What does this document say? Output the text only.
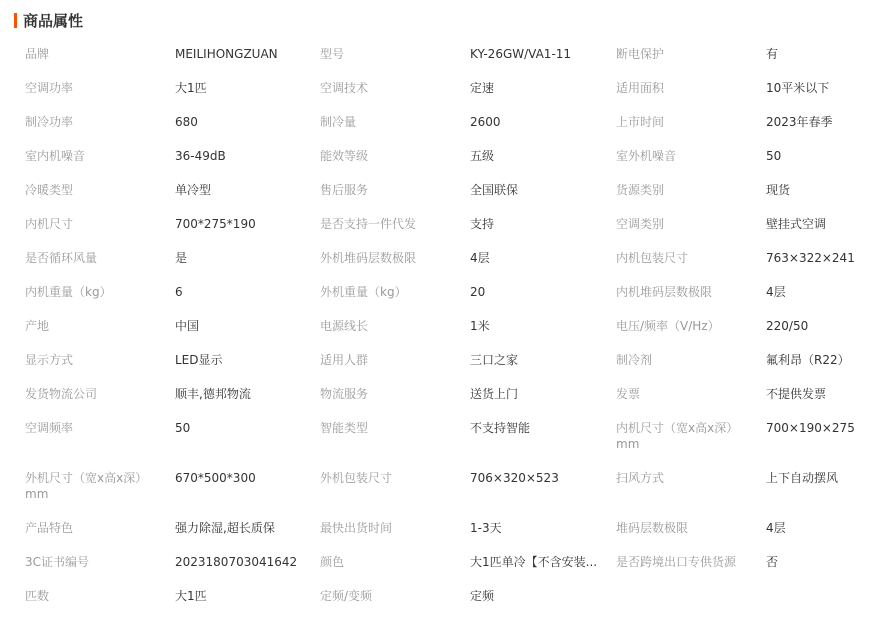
商品属性
品牌	MEILIHONGZUAN	型号	KY-26GW/VA1-11	断电保护	有
空调功率	大1匹	空调技术	定速	适用面积	10平米以下
制冷功率	680	制冷量	2600	上市时间	2023年春季
室内机噪音	36-49dB	能效等级	五级	室外机噪音	50
冷暖类型	单冷型	售后服务	全国联保	货源类别	现货
内机尺寸	700*275*190	是否支持一件代发	支持	空调类别	壁挂式空调
是否循环风量	是	外机堆码层数极限	4层	内机包装尺寸	763×322×241
内机重量（kg）	6	外机重量（kg）	20	内机堆码层数极限	4层
产地	中国	电源线长	1米	电压/频率（V/Hz）	220/50
显示方式	LED显示	适用人群	三口之家	制冷剂	氟利昂（R22）
发货物流公司	顺丰,德邦物流	物流服务	送货上门	发票	不提供发票
空调频率	50	智能类型	不支持智能	内机尺寸（宽x高x深）mm	700×190×275
外机尺寸（宽x高x深）mm	670*500*300	外机包装尺寸	706×320×523	扫风方式	上下自动摆风
产品特色	强力除湿,超长质保	最快出货时间	1-3天	堆码层数极限	4层
3C证书编号	2023180703041642	颜色	大1匹单冷【不含安装...	是否跨境出口专供货源	否
匹数	大1匹	定频/变频	定频		
